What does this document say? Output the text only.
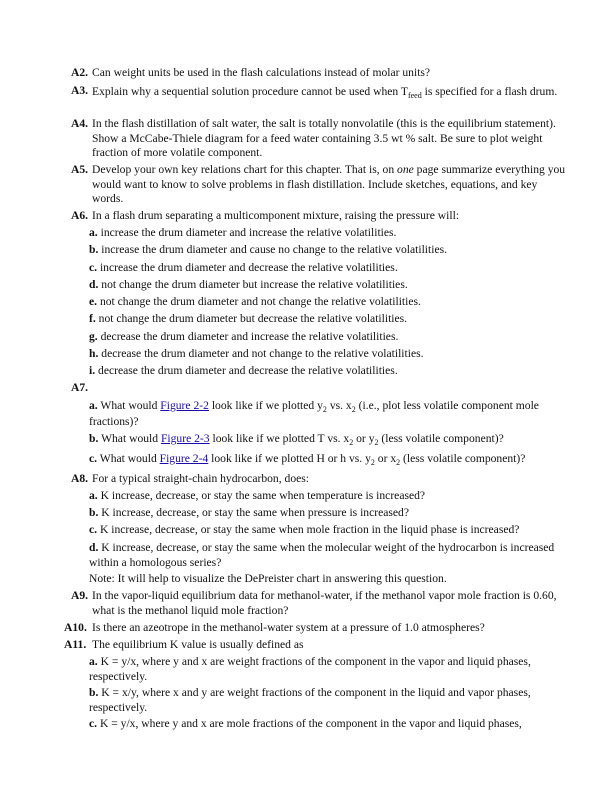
A2. Can weight units be used in the flash calculations instead of molar units?
A3. Explain why a sequential solution procedure cannot be used when $T_{feed}$ is specified for a flash drum.
A4. In the flash distillation of salt water, the salt is totally nonvolatile (this is the equilibrium statement). Show a McCabe-Thiele diagram for a feed water containing 3.5 wt % salt. Be sure to plot weight fraction of more volatile component.
A5. Develop your own key relations chart for this chapter. That is, on one page summarize everything you would want to know to solve problems in flash distillation. Include sketches, equations, and key words.
A6. In a flash drum separating a multicomponent mixture, raising the pressure will:
a. increase the drum diameter and increase the relative volatilities.
b. increase the drum diameter and cause no change to the relative volatilities.
c. increase the drum diameter and decrease the relative volatilities.
d. not change the drum diameter but increase the relative volatilities.
e. not change the drum diameter and not change the relative volatilities.
f. not change the drum diameter but decrease the relative volatilities.
g. decrease the drum diameter and increase the relative volatilities.
h. decrease the drum diameter and not change to the relative volatilities.
i. decrease the drum diameter and decrease the relative volatilities.
A7.
a. What would Figure 2-2 look like if we plotted $y_2$ vs. $x_2$ (i.e., plot less volatile component mole fractions)?
b. What would Figure 2-3 look like if we plotted T vs. $x_2$ or $y_2$ (less volatile component)?
c. What would Figure 2-4 look like if we plotted H or h vs. $y_2$ or $x_2$ (less volatile component)?
A8. For a typical straight-chain hydrocarbon, does:
a. K increase, decrease, or stay the same when temperature is increased?
b. K increase, decrease, or stay the same when pressure is increased?
c. K increase, decrease, or stay the same when mole fraction in the liquid phase is increased?
d. K increase, decrease, or stay the same when the molecular weight of the hydrocarbon is increased within a homologous series?
Note: It will help to visualize the DePreister chart in answering this question.
A9. In the vapor-liquid equilibrium data for methanol-water, if the methanol vapor mole fraction is 0.60, what is the methanol liquid mole fraction?
A10. Is there an azeotrope in the methanol-water system at a pressure of 1.0 atmospheres?
A11. The equilibrium K value is usually defined as
a. K = y/x, where y and x are weight fractions of the component in the vapor and liquid phases, respectively.
b. K = x/y, where x and y are weight fractions of the component in the liquid and vapor phases, respectively.
c. K = y/x, where y and x are mole fractions of the component in the vapor and liquid phases,
